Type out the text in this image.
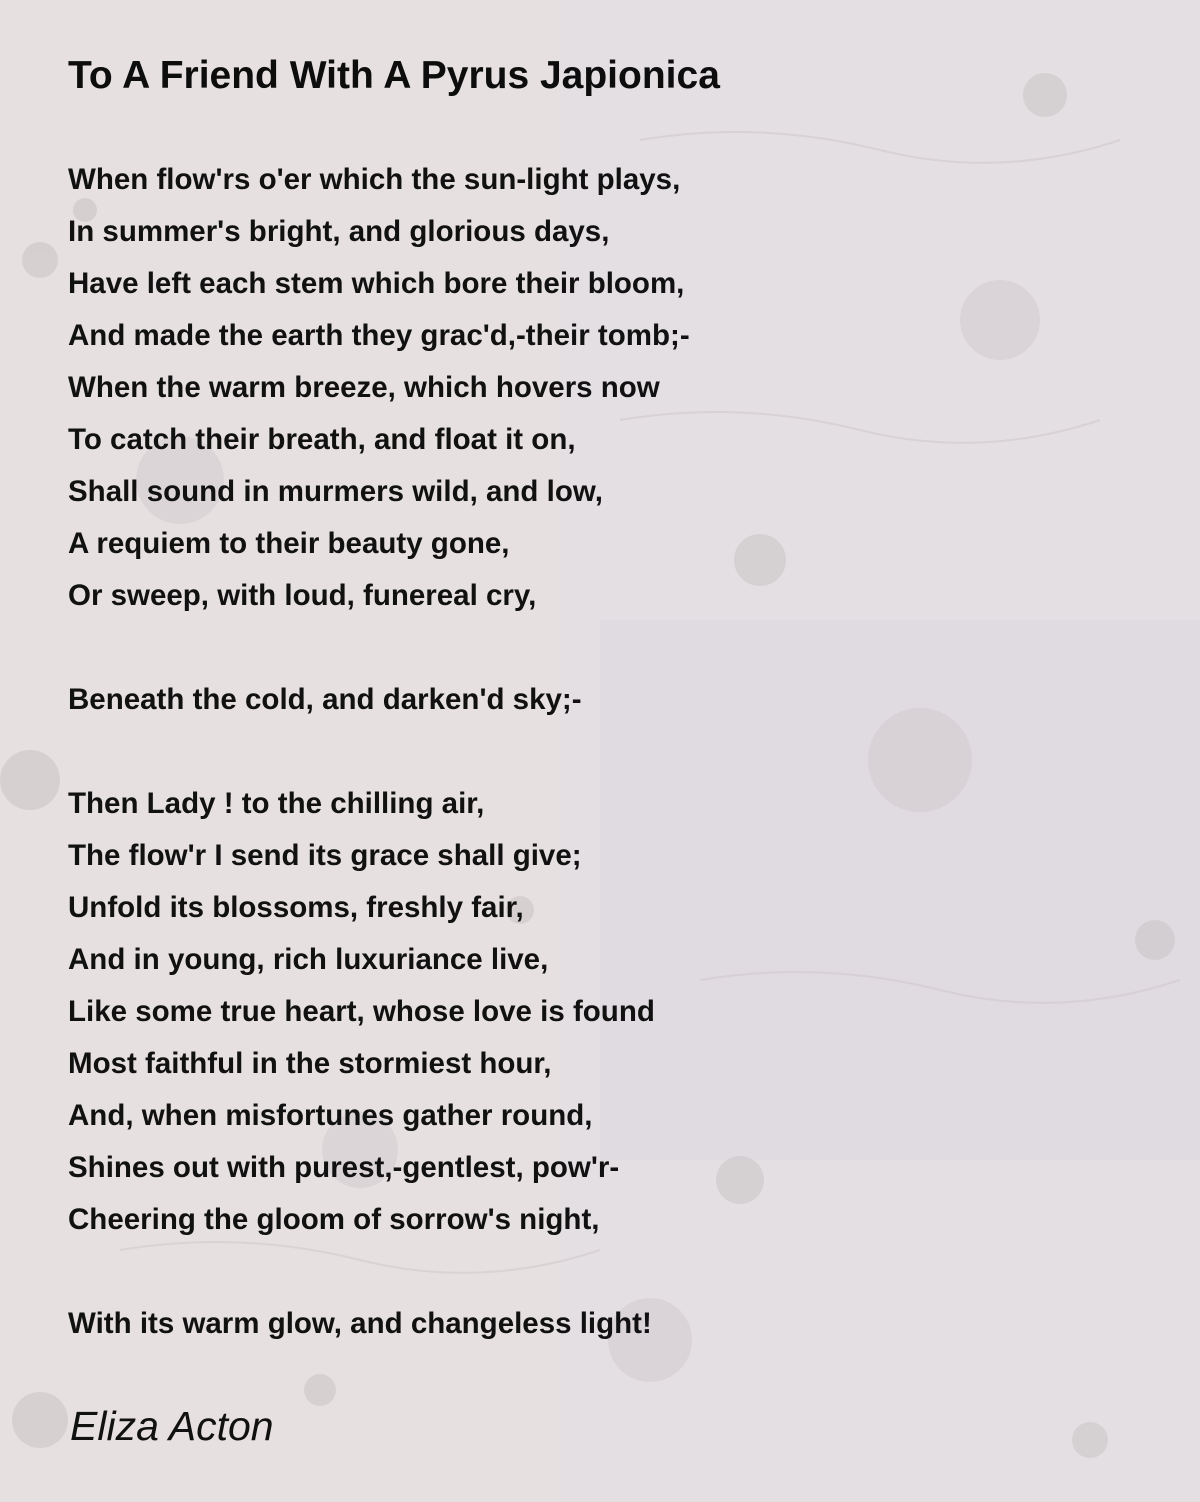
To A Friend With A Pyrus Japionica
When flow'rs o'er which the sun-light plays,
In summer's bright, and glorious days,
Have left each stem which bore their bloom,
And made the earth they grac'd,-their tomb;-
When the warm breeze, which hovers now
To catch their breath, and float it on,
Shall sound in murmers wild, and low,
A requiem to their beauty gone,
Or sweep, with loud, funereal cry,
Beneath the cold, and darken'd sky;-
Then Lady ! to the chilling air,
The flow'r I send its grace shall give;
Unfold its blossoms, freshly fair,
And in young, rich luxuriance live,
Like some true heart, whose love is found
Most faithful in the stormiest hour,
And, when misfortunes gather round,
Shines out with purest,-gentlest, pow'r-
Cheering the gloom of sorrow's night,
With its warm glow, and changeless light!
Eliza Acton
